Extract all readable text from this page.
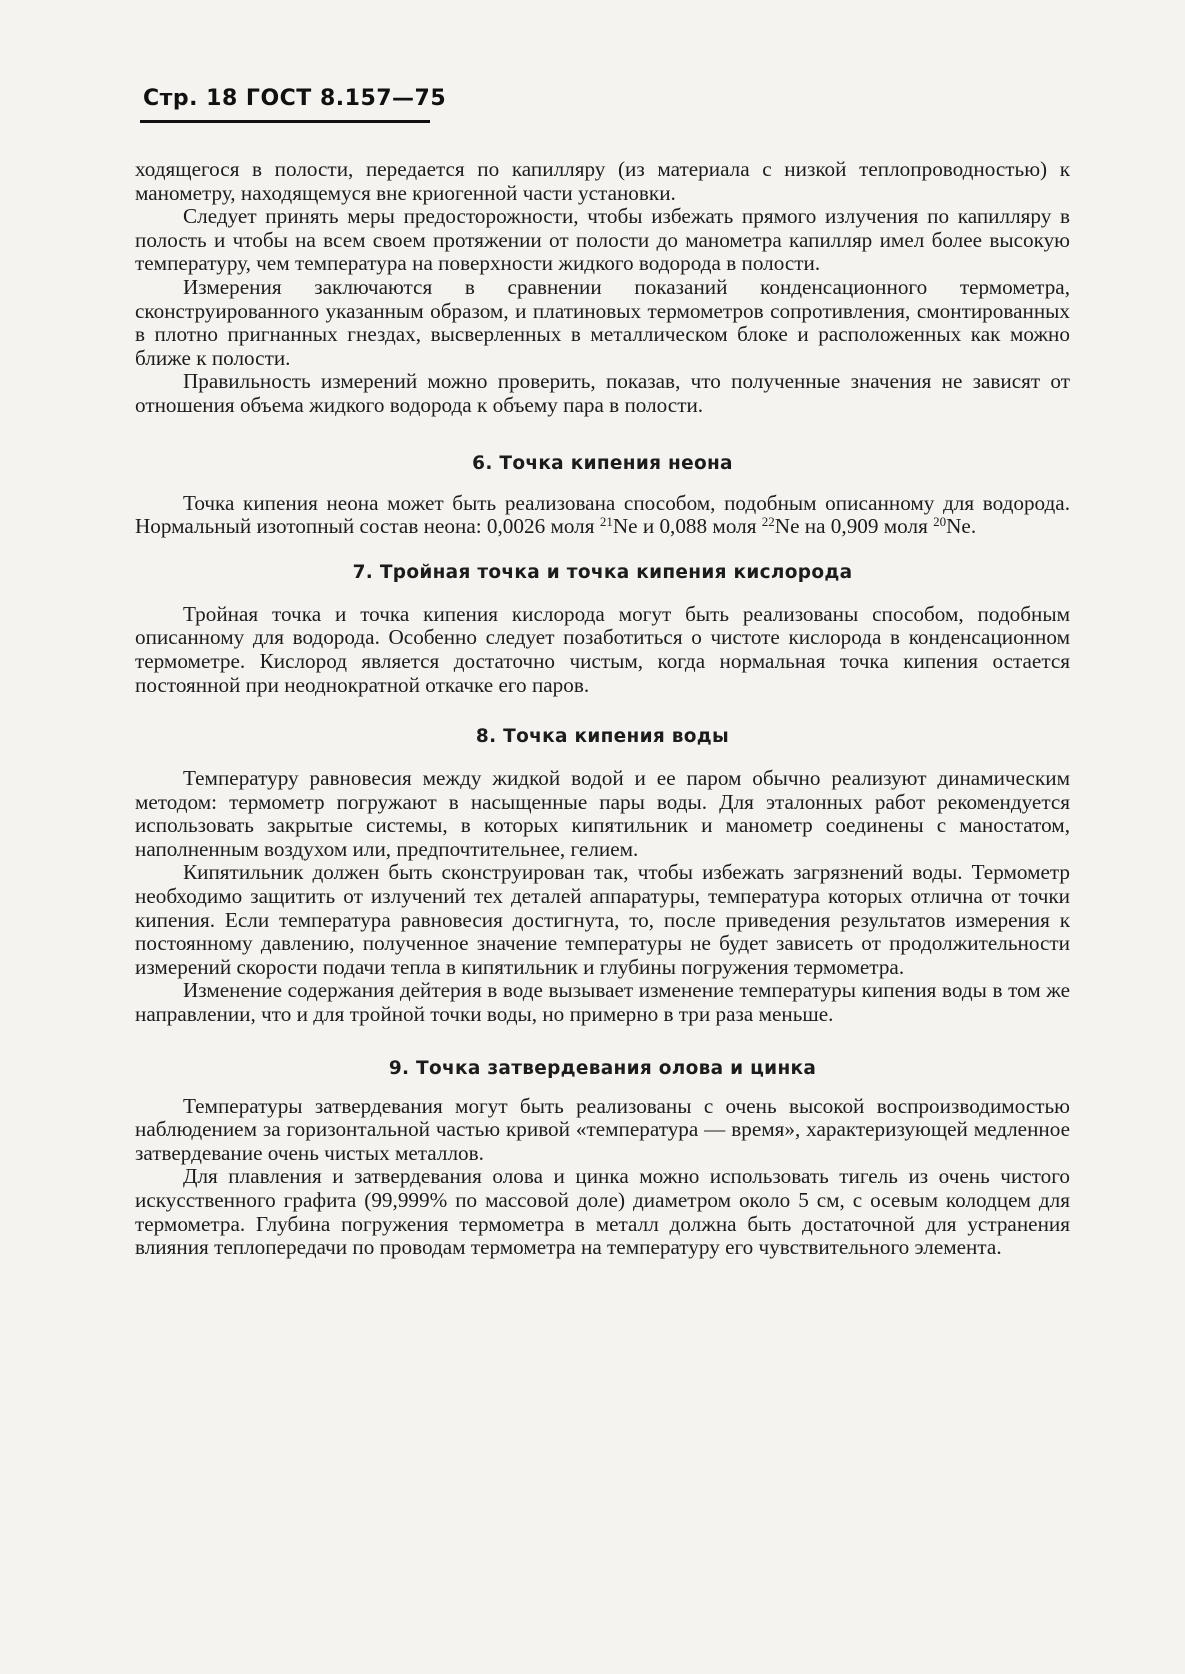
Стр. 18 ГОСТ 8.157—75

ходящегося в полости, передается по капилляру (из материала с низкой теплопроводностью) к манометру, находящемуся вне криогенной части установки.

Следует принять меры предосторожности, чтобы избежать прямого излучения по капилляру в полость и чтобы на всем своем протяжении от полости до манометра капилляр имел более высокую температуру, чем температура на поверхности жидкого водорода в полости.

Измерения заключаются в сравнении показаний конденсационного термометра, сконструированного указанным образом, и платиновых термометров сопротивления, смонтированных в плотно пригнанных гнездах, высверленных в металлическом блоке и расположенных как можно ближе к полости.

Правильность измерений можно проверить, показав, что полученные значения не зависят от отношения объема жидкого водорода к объему пара в полости.

6. Точка кипения неона

Точка кипения неона может быть реализована способом, подобным описанному для водорода. Нормальный изотопный состав неона: 0,0026 моля $^{21}$Ne и 0,088 моля $^{22}$Ne на 0,909 моля $^{20}$Ne.

7. Тройная точка и точка кипения кислорода

Тройная точка и точка кипения кислорода могут быть реализованы способом, подобным описанному для водорода. Особенно следует позаботиться о чистоте кислорода в конденсационном термометре. Кислород является достаточно чистым, когда нормальная точка кипения остается постоянной при неоднократной откачке его паров.

8. Точка кипения воды

Температуру равновесия между жидкой водой и ее паром обычно реализуют динамическим методом: термометр погружают в насыщенные пары воды. Для эталонных работ рекомендуется использовать закрытые системы, в которых кипятильник и манометр соединены с маностатом, наполненным воздухом или, предпочтительнее, гелием.

Кипятильник должен быть сконструирован так, чтобы избежать загрязнений воды. Термометр необходимо защитить от излучений тех деталей аппаратуры, температура которых отлична от точки кипения. Если температура равновесия достигнута, то, после приведения результатов измерения к постоянному давлению, полученное значение температуры не будет зависеть от продолжительности измерений скорости подачи тепла в кипятильник и глубины погружения термометра.

Изменение содержания дейтерия в воде вызывает изменение температуры кипения воды в том же направлении, что и для тройной точки воды, но примерно в три раза меньше.

9. Точка затвердевания олова и цинка

Температуры затвердевания могут быть реализованы с очень высокой воспроизводимостью наблюдением за горизонтальной частью кривой «температура — время», характеризующей медленное затвердевание очень чистых металлов.

Для плавления и затвердевания олова и цинка можно использовать тигель из очень чистого искусственного графита (99,999% по массовой доле) диаметром около 5 см, с осевым колодцем для термометра. Глубина погружения термометра в металл должна быть достаточной для устранения влияния теплопередачи по проводам термометра на температуру его чувствительного элемента.
